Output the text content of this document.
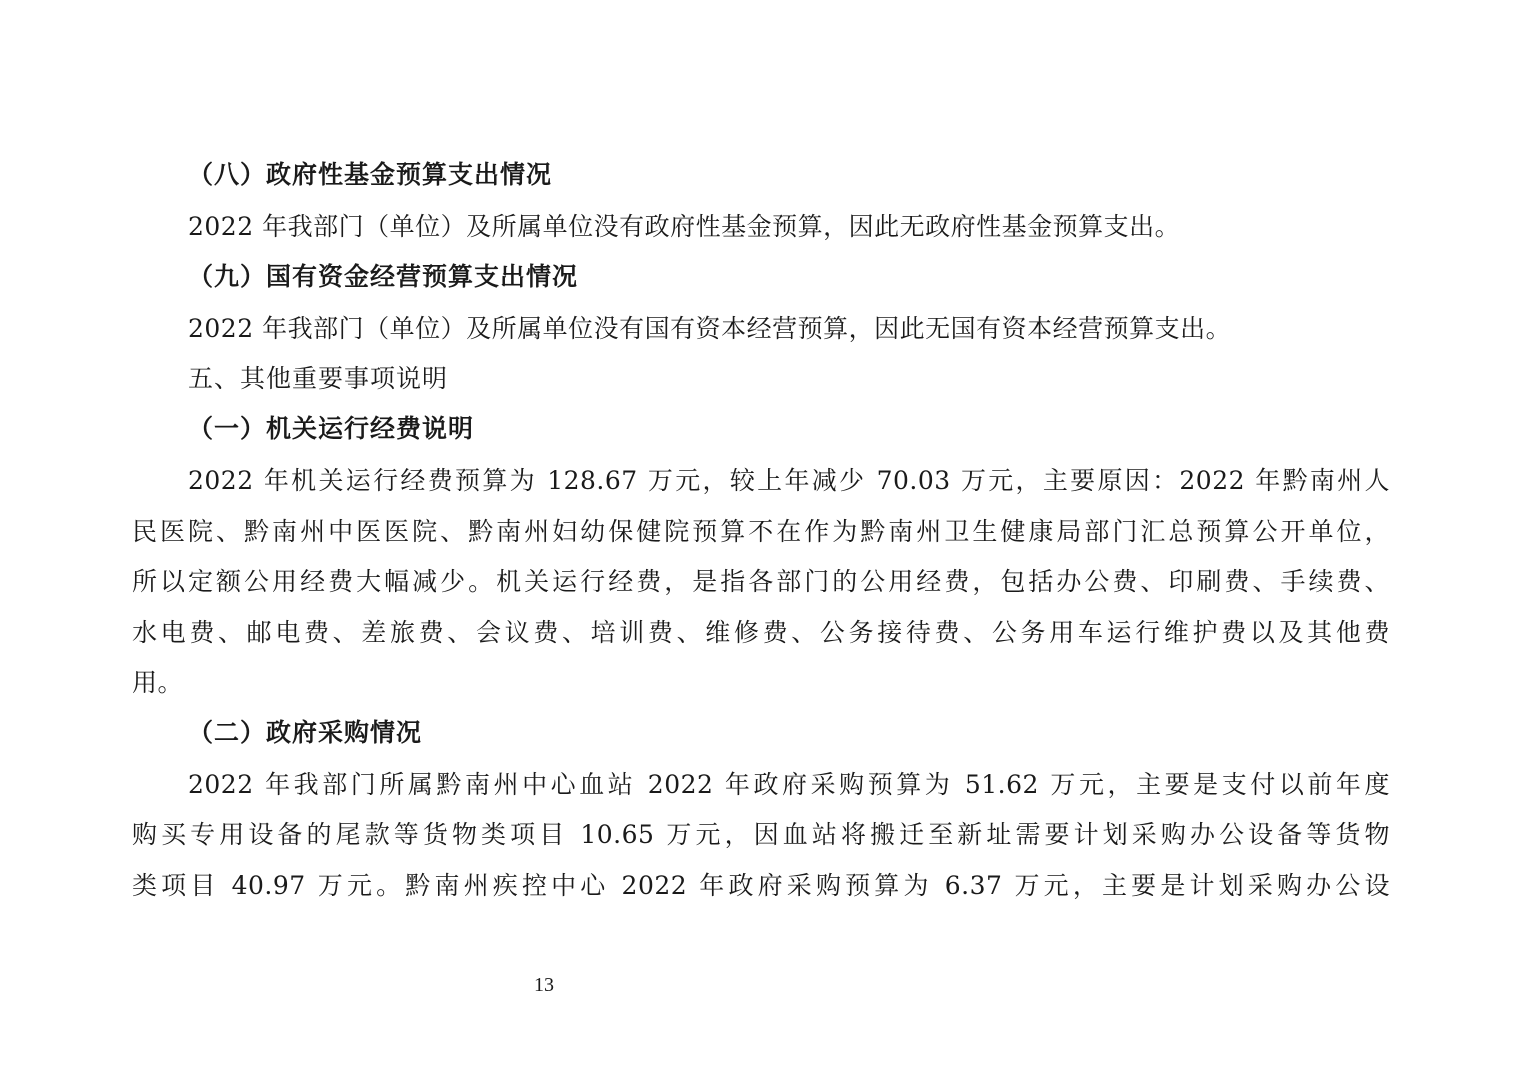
（八）政府性基金预算支出情况
2022 年我部门（单位）及所属单位没有政府性基金预算，因此无政府性基金预算支出。
（九）国有资金经营预算支出情况
2022 年我部门（单位）及所属单位没有国有资本经营预算，因此无国有资本经营预算支出。
五、其他重要事项说明
（一）机关运行经费说明
2022 年机关运行经费预算为 128.67 万元，较上年减少 70.03 万元，主要原因：2022 年黔南州人
民医院、黔南州中医医院、黔南州妇幼保健院预算不在作为黔南州卫生健康局部门汇总预算公开单位，
所以定额公用经费大幅减少。机关运行经费，是指各部门的公用经费，包括办公费、印刷费、手续费、
水电费、邮电费、差旅费、会议费、培训费、维修费、公务接待费、公务用车运行维护费以及其他费
用。
（二）政府采购情况
2022 年我部门所属黔南州中心血站 2022 年政府采购预算为 51.62 万元，主要是支付以前年度
购买专用设备的尾款等货物类项目 10.65 万元，因血站将搬迁至新址需要计划采购办公设备等货物
类项目 40.97 万元。黔南州疾控中心 2022 年政府采购预算为 6.37 万元，主要是计划采购办公设
13
